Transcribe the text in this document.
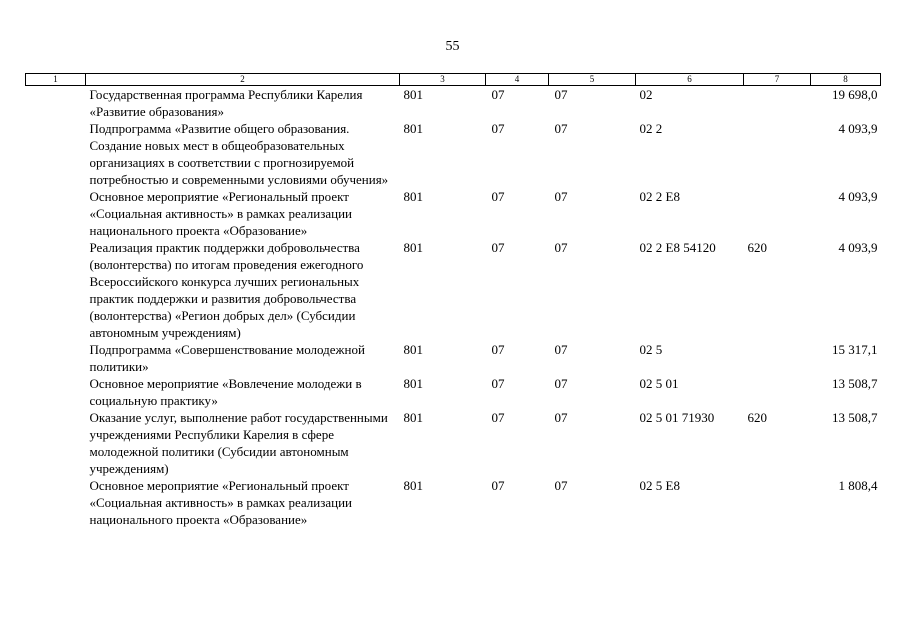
55
1	2	3	4	5	6	7	8
	Государственная программа Республики Карелия «Развитие образования»	801	07	07	02		19 698,0
	Подпрограмма «Развитие общего образования. Создание новых мест в общеобразовательных организациях в соответствии с прогнозируемой потребностью и современными условиями обучения»	801	07	07	02 2		4 093,9
	Основное мероприятие «Региональный проект «Социальная активность» в рамках реализации национального проекта «Образование»	801	07	07	02 2 Е8		4 093,9
	Реализация практик поддержки добровольчества (волонтерства) по итогам проведения ежегодного Всероссийского конкурса лучших региональных практик поддержки и развития добровольчества (волонтерства) «Регион добрых дел» (Субсидии автономным учреждениям)	801	07	07	02 2 Е8 54120	620	4 093,9
	Подпрограмма «Совершенствование молодежной политики»	801	07	07	02 5		15 317,1
	Основное мероприятие «Вовлечение молодежи в социальную практику»	801	07	07	02 5 01		13 508,7
	Оказание услуг, выполнение работ государственными учреждениями Республики Карелия в сфере молодежной политики (Субсидии автономным учреждениям)	801	07	07	02 5 01 71930	620	13 508,7
	Основное мероприятие «Региональный проект «Социальная активность» в рамках реализации национального проекта «Образование»	801	07	07	02 5 Е8		1 808,4
